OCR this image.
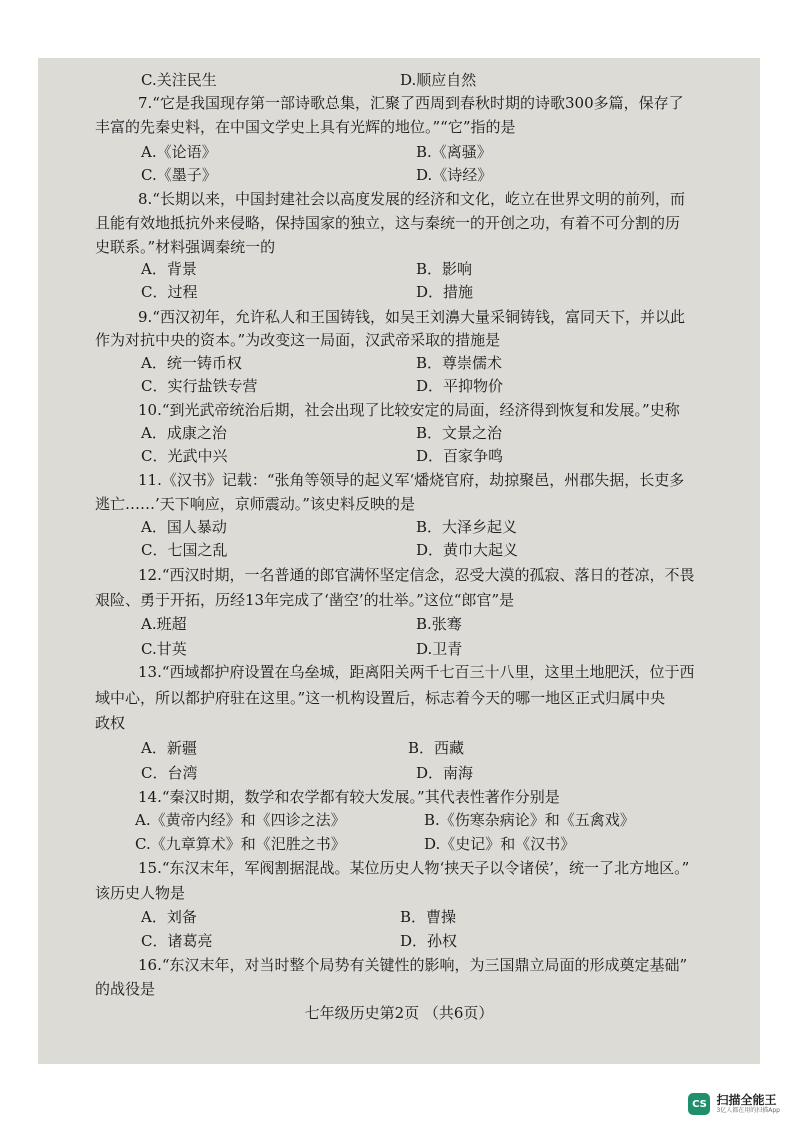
C.关注民生	D.顺应自然
7.“它是我国现存第一部诗歌总集，汇聚了西周到春秋时期的诗歌300多篇，保存了
丰富的先秦史料，在中国文学史上具有光辉的地位。”“它”指的是
A.《论语》	B.《离骚》
C.《墨子》	D.《诗经》
8.“长期以来，中国封建社会以高度发展的经济和文化，屹立在世界文明的前列，而
且能有效地抵抗外来侵略，保持国家的独立，这与秦统一的开创之功，有着不可分割的历
史联系。”材料强调秦统一的
A．背景	B．影响
C．过程	D．措施
9.“西汉初年，允许私人和王国铸钱，如吴王刘濞大量采铜铸钱，富同天下，并以此
作为对抗中央的资本。”为改变这一局面，汉武帝采取的措施是
A．统一铸币权	B．尊崇儒术
C．实行盐铁专营	D．平抑物价
10.“到光武帝统治后期，社会出现了比较安定的局面，经济得到恢复和发展。”史称
A．成康之治	B．文景之治
C．光武中兴	D．百家争鸣
11.《汉书》记载：“张角等领导的起义军‘燔烧官府，劫掠聚邑，州郡失据，长吏多
逃亡……’天下响应，京师震动。”该史料反映的是
A．国人暴动	B．大泽乡起义
C．七国之乱	D．黄巾大起义
12.“西汉时期，一名普通的郎官满怀坚定信念，忍受大漠的孤寂、落日的苍凉，不畏
艰险、勇于开拓，历经13年完成了‘凿空’的壮举。”这位“郎官”是
A.班超	B.张骞
C.甘英	D.卫青
13.“西域都护府设置在乌垒城，距离阳关两千七百三十八里，这里土地肥沃，位于西
域中心，所以都护府驻在这里。”这一机构设置后，标志着今天的哪一地区正式归属中央
政权
A．新疆	B．西藏
C．台湾	D．南海
14.“秦汉时期，数学和农学都有较大发展。”其代表性著作分别是
A.《黄帝内经》和《四诊之法》	B.《伤寒杂病论》和《五禽戏》
C.《九章算术》和《汜胜之书》	D.《史记》和《汉书》
15.“东汉末年，军阀割据混战。某位历史人物‘挟天子以令诸侯’，统一了北方地区。”
该历史人物是
A．刘备	B．曹操
C．诸葛亮	D．孙权
16.“东汉末年，对当时整个局势有关键性的影响，为三国鼎立局面的形成奠定基础”
的战役是
七年级历史第2页 （共6页）
CS 扫描全能王
3亿人都在用的扫描App
